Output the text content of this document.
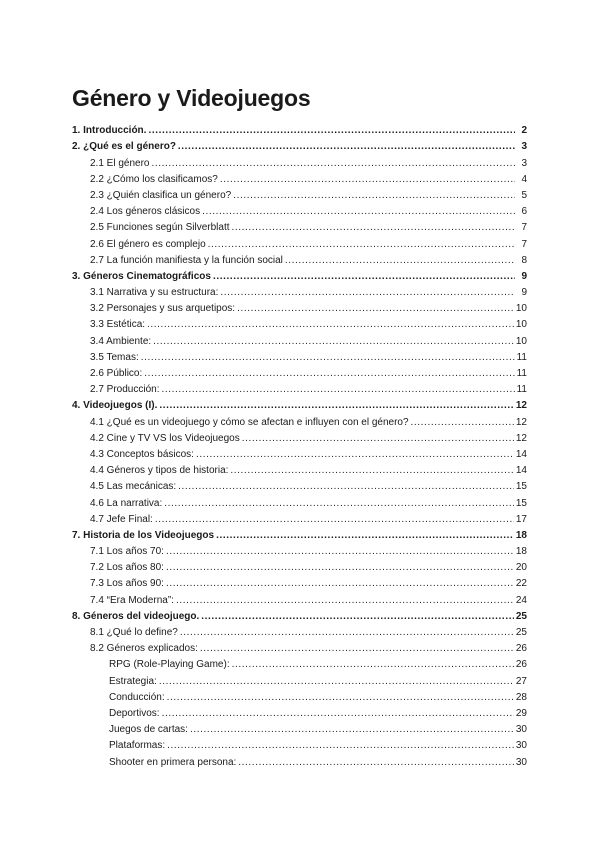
Género y Videojuegos
1. Introducción. .....	2
2. ¿Qué es el género? .....	3
2.1 El género .....	3
2.2 ¿Cómo los clasificamos? .....	4
2.3 ¿Quién clasifica un género? .....	5
2.4 Los géneros clásicos .....	6
2.5 Funciones según Silverblatt .....	7
2.6 El género es complejo .....	7
2.7 La función manifiesta y la función social .....	8
3. Géneros Cinematográficos .....	9
3.1 Narrativa y su estructura: .....	9
3.2 Personajes y sus arquetipos: .....	10
3.3 Estética: .....	10
3.4 Ambiente: .....	10
3.5 Temas: .....	11
2.6 Público: .....	11
2.7 Producción: .....	11
4. Videojuegos (I). .....	12
4.1 ¿Qué es un videojuego y cómo se afectan e influyen con el género? .....	12
4.2 Cine y TV VS los Videojuegos .....	12
4.3 Conceptos básicos: .....	14
4.4 Géneros y tipos de historia: .....	14
4.5 Las mecánicas: .....	15
4.6 La narrativa: .....	15
4.7 Jefe Final: .....	17
7. Historia de los Videojuegos .....	18
7.1 Los años 70: .....	18
7.2 Los años 80: .....	20
7.3 Los años 90: .....	22
7.4 “Era Moderna”: .....	24
8. Géneros del videojuego. .....	25
8.1 ¿Qué lo define? .....	25
8.2 Géneros explicados: .....	26
RPG (Role-Playing Game): .....	26
Estrategia: .....	27
Conducción: .....	28
Deportivos: .....	29
Juegos de cartas: .....	30
Plataformas: .....	30
Shooter en primera persona: .....	30
